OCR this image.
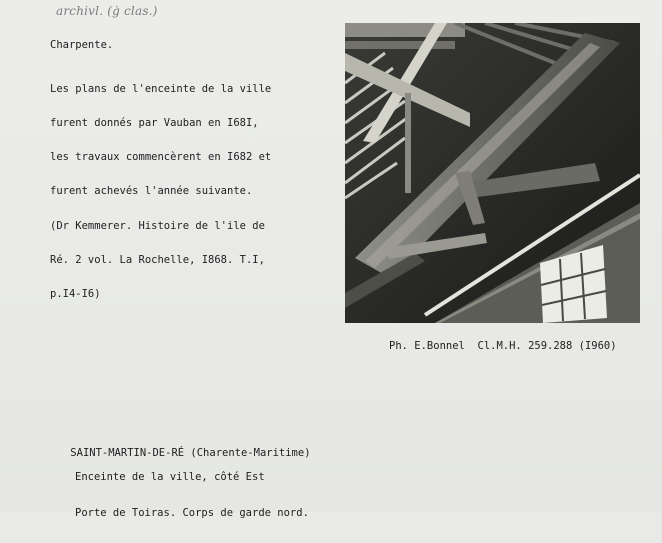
archivl. (ġ clas.)
Charpente.

Les plans de l'enceinte de la ville

furent donnés par Vauban en I68I,

les travaux commencèrent en I682 et

furent achevés l'année suivante.

(Dr Kemmerer. Histoire de l'ile de

Ré. 2 vol. La Rochelle, I868. T.I,

p.I4-I6)

Ph. E.Bonnel  Cl.M.H. 259.288 (I960)

SAINT-MARTIN-DE-RÉ (Charente-Maritime)

Enceinte de la ville, côté Est

Porte de Toiras. Corps de garde nord.
